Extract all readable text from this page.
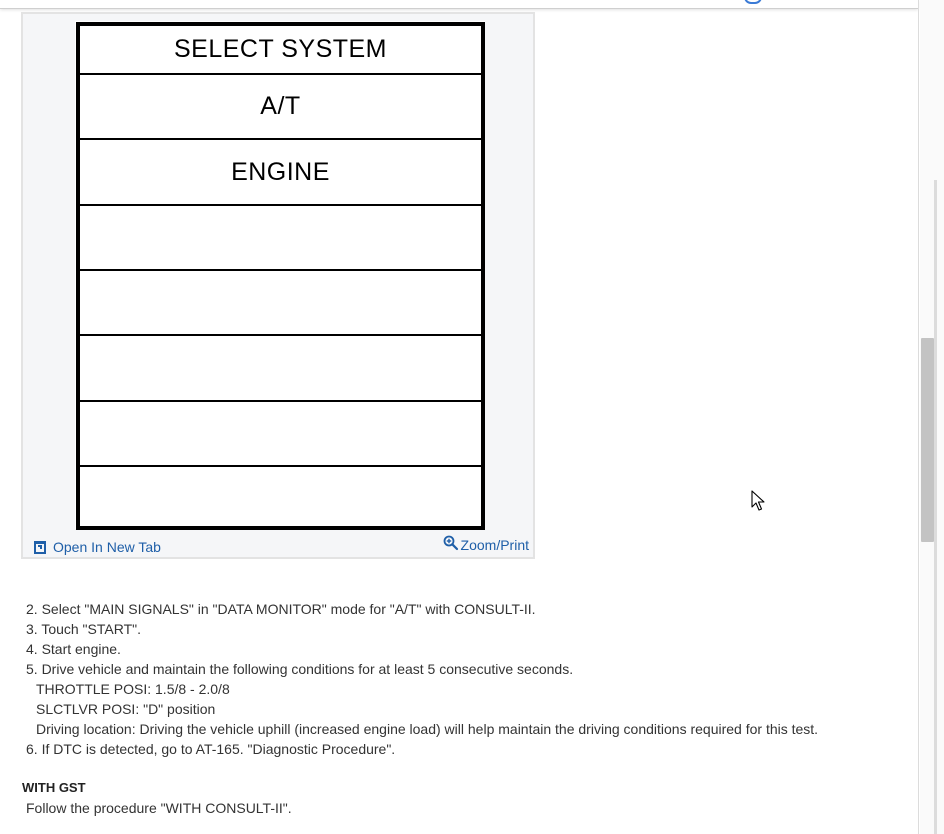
SELECT SYSTEM
A/T
ENGINE
Open In New Tab	Zoom/Print
2. Select "MAIN SIGNALS" in "DATA MONITOR" mode for "A/T" with CONSULT-II.
3. Touch "START".
4. Start engine.
5. Drive vehicle and maintain the following conditions for at least 5 consecutive seconds.
THROTTLE POSI: 1.5/8 - 2.0/8
SLCTLVR POSI: "D" position
Driving location: Driving the vehicle uphill (increased engine load) will help maintain the driving conditions required for this test.
6. If DTC is detected, go to AT-165. "Diagnostic Procedure".
WITH GST
Follow the procedure "WITH CONSULT-II".
